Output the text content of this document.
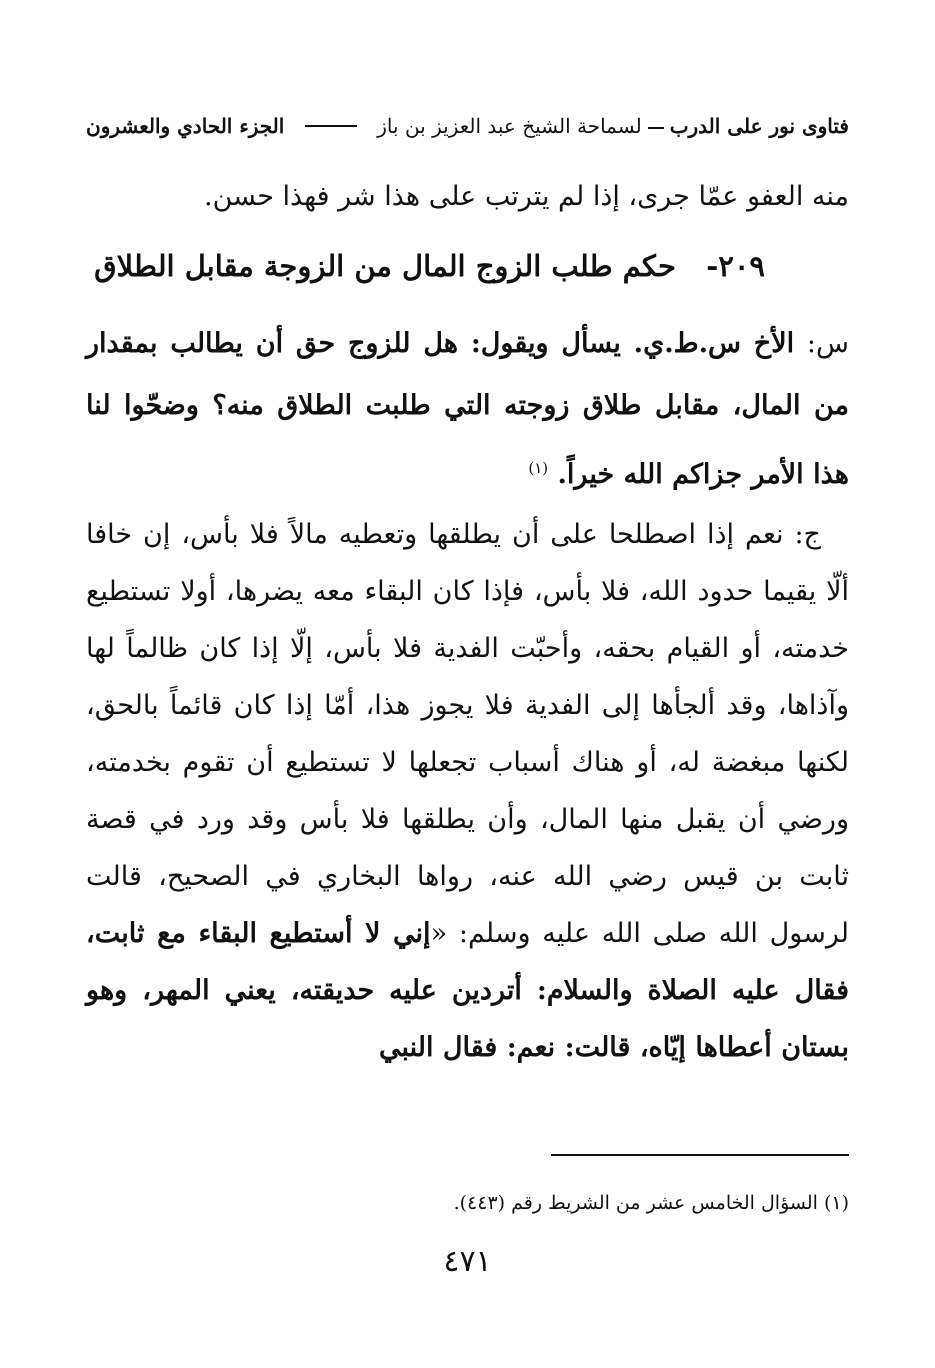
فتاوى نور على الدربلسماحة الشيخ عبد العزيز بن باز
الجزء الحادي والعشرون

منه العفو عمّا جرى، إذا لم يترتب على هذا شر فهذا حسن.

٢٠٩-   حكم طلب الزوج المال من الزوجة مقابل الطلاق

س: الأخ س.ط.ي. يسأل ويقول: هل للزوج حق أن يطالب بمقدار من المال، مقابل طلاق زوجته التي طلبت الطلاق منه؟ وضحّوا لنا هذا الأمر جزاكم الله خيراً. $^{(١)}$

ج: نعم إذا اصطلحا على أن يطلقها وتعطيه مالاً فلا بأس، إن خافا ألّا يقيما حدود الله، فلا بأس، فإذا كان البقاء معه يضرها، أولا تستطيع خدمته، أو القيام بحقه، وأحبّت الفدية فلا بأس، إلّا إذا كان ظالماً لها وآذاها، وقد ألجأها إلى الفدية فلا يجوز هذا، أمّا إذا كان قائماً بالحق، لكنها مبغضة له، أو هناك أسباب تجعلها لا تستطيع أن تقوم بخدمته، ورضي أن يقبل منها المال، وأن يطلقها فلا بأس وقد ورد في قصة ثابت بن قيس رضي الله عنه، رواها البخاري في الصحيح، قالت لرسول الله صلى الله عليه وسلم: «إني لا أستطيع البقاء مع ثابت، فقال عليه الصلاة والسلام: أتردين عليه حديقته، يعني المهر، وهو بستان أعطاها إيّاه، قالت: نعم: فقال النبي

(١) السؤال الخامس عشر من الشريط رقم (٤٤٣).
٤٧١
